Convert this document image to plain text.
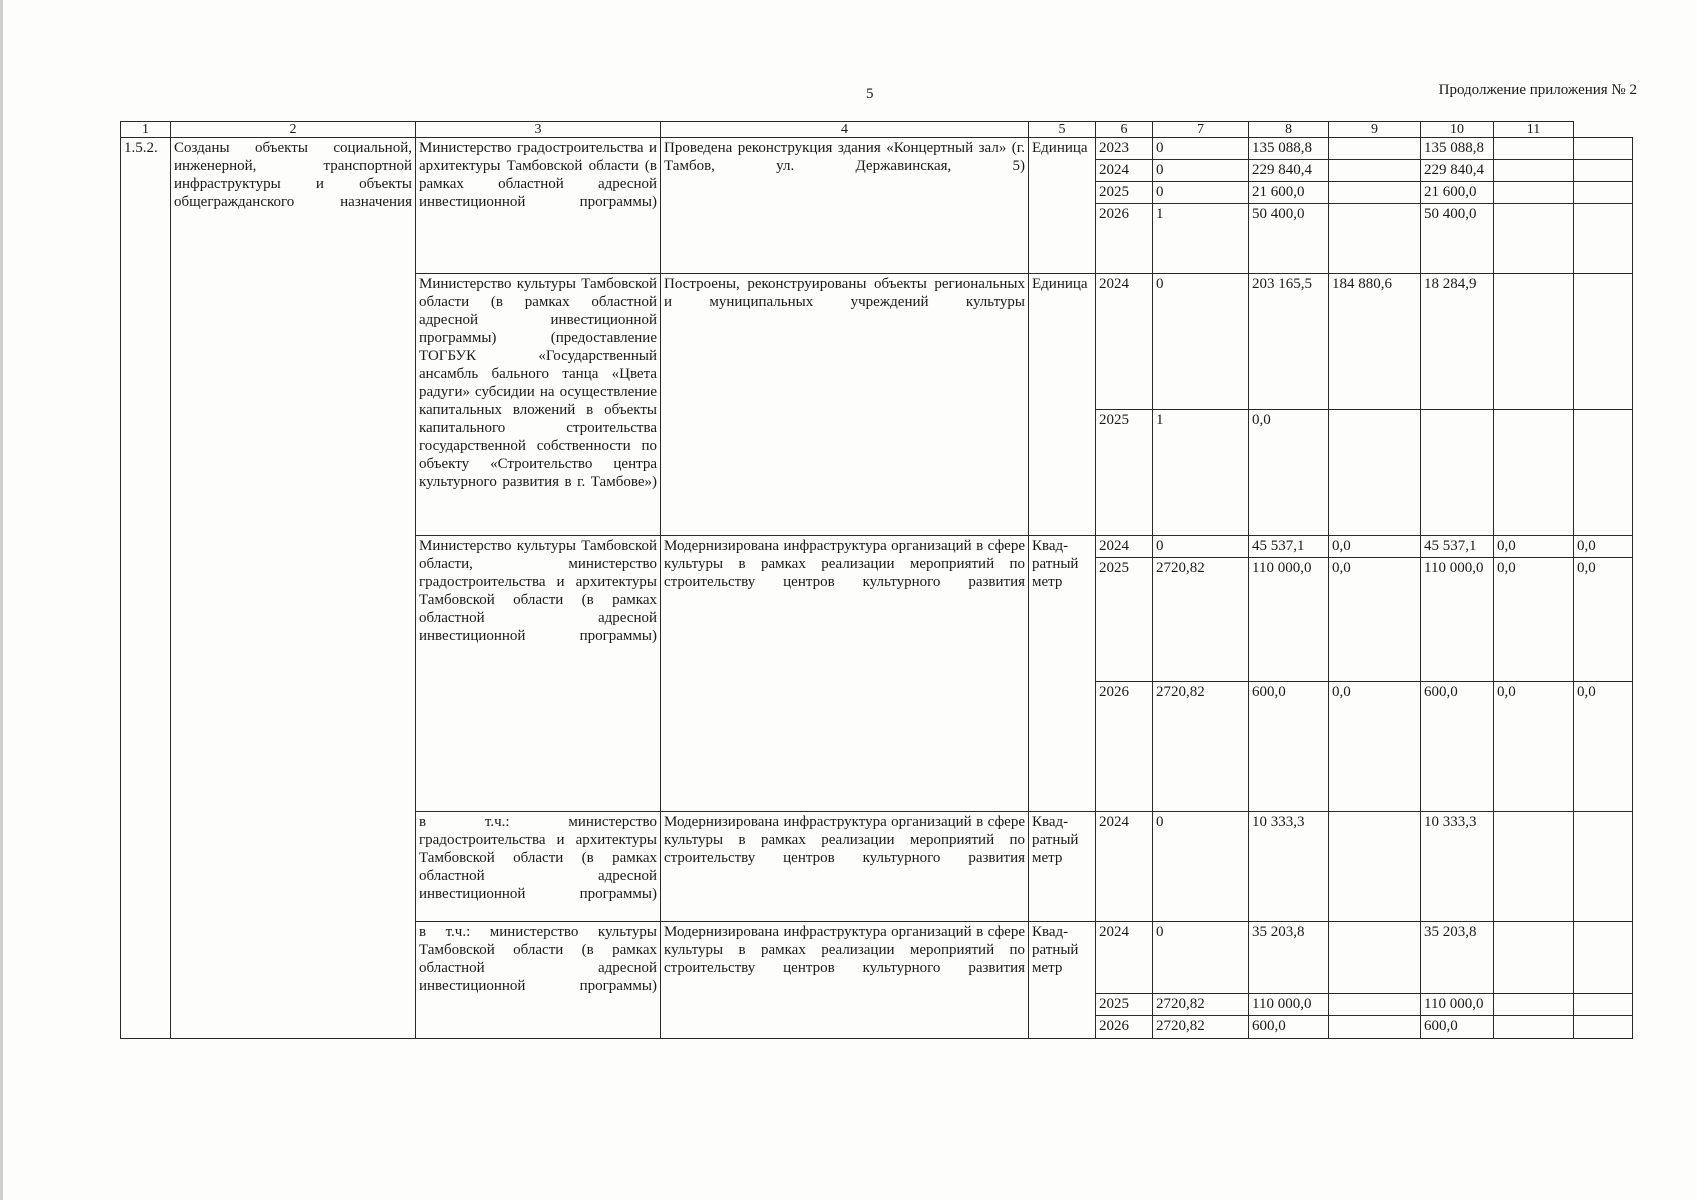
5	Продолжение приложения № 2
1	2	3	4	5	6	7	8	9	10	11	
1.5.2.	Созданы объекты социальной, инженерной, транспортной инфраструктуры и объекты общегражданского назначения	Министерство градостроительства и архитектуры Тамбовской области (в рамках областной адресной инвестиционной программы)	Проведена реконструкция здания «Концертный зал» (г. Тамбов, ул. Державинская, 5)	Единица	2023	0	135 088,8		135 088,8		
					2024	0	229 840,4		229 840,4		
					2025	0	21 600,0		21 600,0		
					2026	1	50 400,0		50 400,0		
		Министерство культуры Тамбовской области (в рамках областной адресной инвестиционной программы) (предоставление ТОГБУК «Государственный ансамбль бального танца «Цвета радуги» субсидии на осуществление капитальных вложений в объекты капитального строительства государственной собственности по объекту «Строительство центра культурного развития в г. Тамбове»)	Построены, реконструированы объекты региональных и муниципальных учреждений культуры	Единица	2024	0	203 165,5	184 880,6	18 284,9		
					2025	1	0,0				
		Министерство культуры Тамбовской области, министерство градостроительства и архитектуры Тамбовской области (в рамках областной адресной инвестиционной программы)	Модернизирована инфраструктура организаций в сфере культуры в рамках реализации мероприятий по строительству центров культурного развития	Квад-ратный метр	2024	0	45 537,1	0,0	45 537,1	0,0	0,0
					2025	2720,82	110 000,0	0,0	110 000,0	0,0	0,0
					2026	2720,82	600,0	0,0	600,0	0,0	0,0
		в т.ч.: министерство градостроительства и архитектуры Тамбовской области (в рамках областной адресной инвестиционной программы)	Модернизирована инфраструктура организаций в сфере культуры в рамках реализации мероприятий по строительству центров культурного развития	Квад-ратный метр	2024	0	10 333,3		10 333,3		
		в т.ч.: министерство культуры Тамбовской области (в рамках областной адресной инвестиционной программы)	Модернизирована инфраструктура организаций в сфере культуры в рамках реализации мероприятий по строительству центров культурного развития	Квад-ратный метр	2024	0	35 203,8		35 203,8		
					2025	2720,82	110 000,0		110 000,0		
					2026	2720,82	600,0		600,0		
